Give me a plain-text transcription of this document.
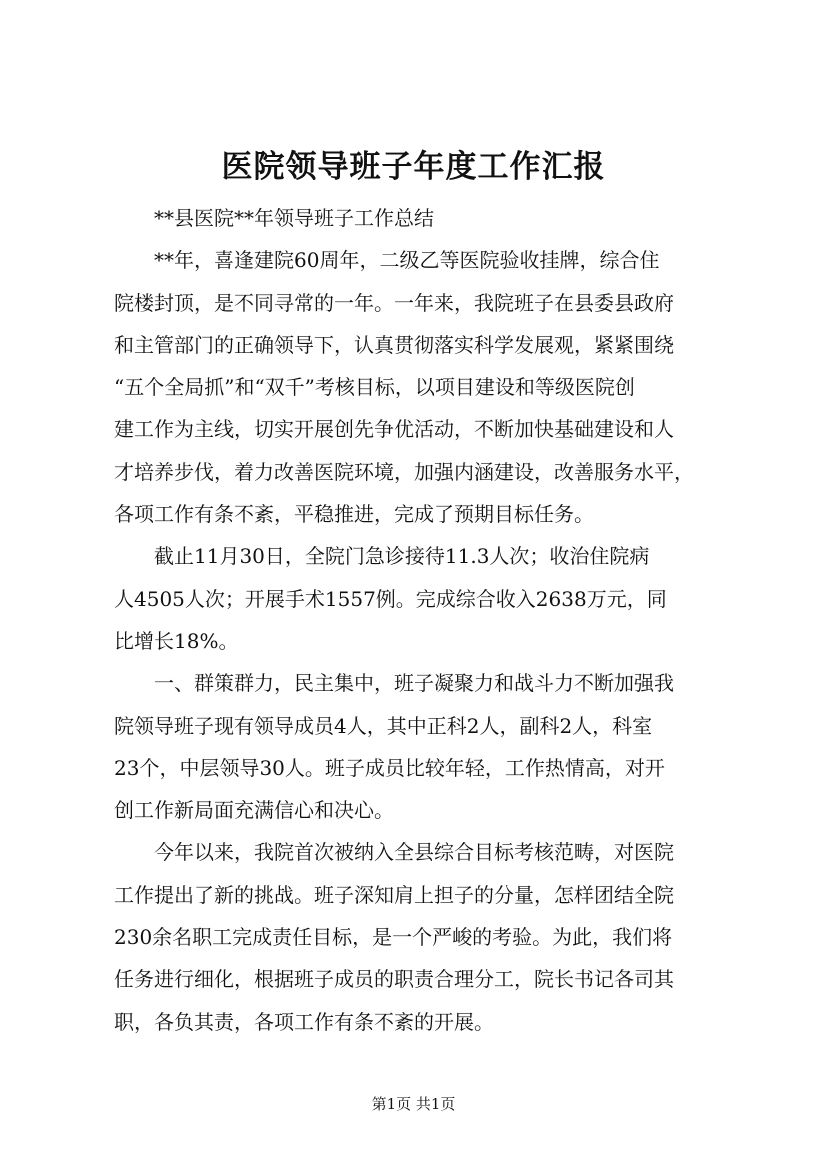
医院领导班子年度工作汇报
**县医院**年领导班子工作总结
**年，喜逢建院60周年，二级乙等医院验收挂牌，综合住
院楼封顶，是不同寻常的一年。一年来，我院班子在县委县政府
和主管部门的正确领导下，认真贯彻落实科学发展观，紧紧围绕
“五个全局抓”和“双千”考核目标，以项目建设和等级医院创
建工作为主线，切实开展创先争优活动，不断加快基础建设和人
才培养步伐，着力改善医院环境，加强内涵建设，改善服务水平，
各项工作有条不紊，平稳推进，完成了预期目标任务。
截止11月30日，全院门急诊接待11.3人次；收治住院病
人4505人次；开展手术1557例。完成综合收入2638万元，同
比增长18%。
一、群策群力，民主集中，班子凝聚力和战斗力不断加强我
院领导班子现有领导成员4人，其中正科2人，副科2人，科室
23个，中层领导30人。班子成员比较年轻，工作热情高，对开
创工作新局面充满信心和决心。
今年以来，我院首次被纳入全县综合目标考核范畴，对医院
工作提出了新的挑战。班子深知肩上担子的分量，怎样团结全院
230余名职工完成责任目标，是一个严峻的考验。为此，我们将
任务进行细化，根据班子成员的职责合理分工，院长书记各司其
职，各负其责，各项工作有条不紊的开展。
第1页 共1页
